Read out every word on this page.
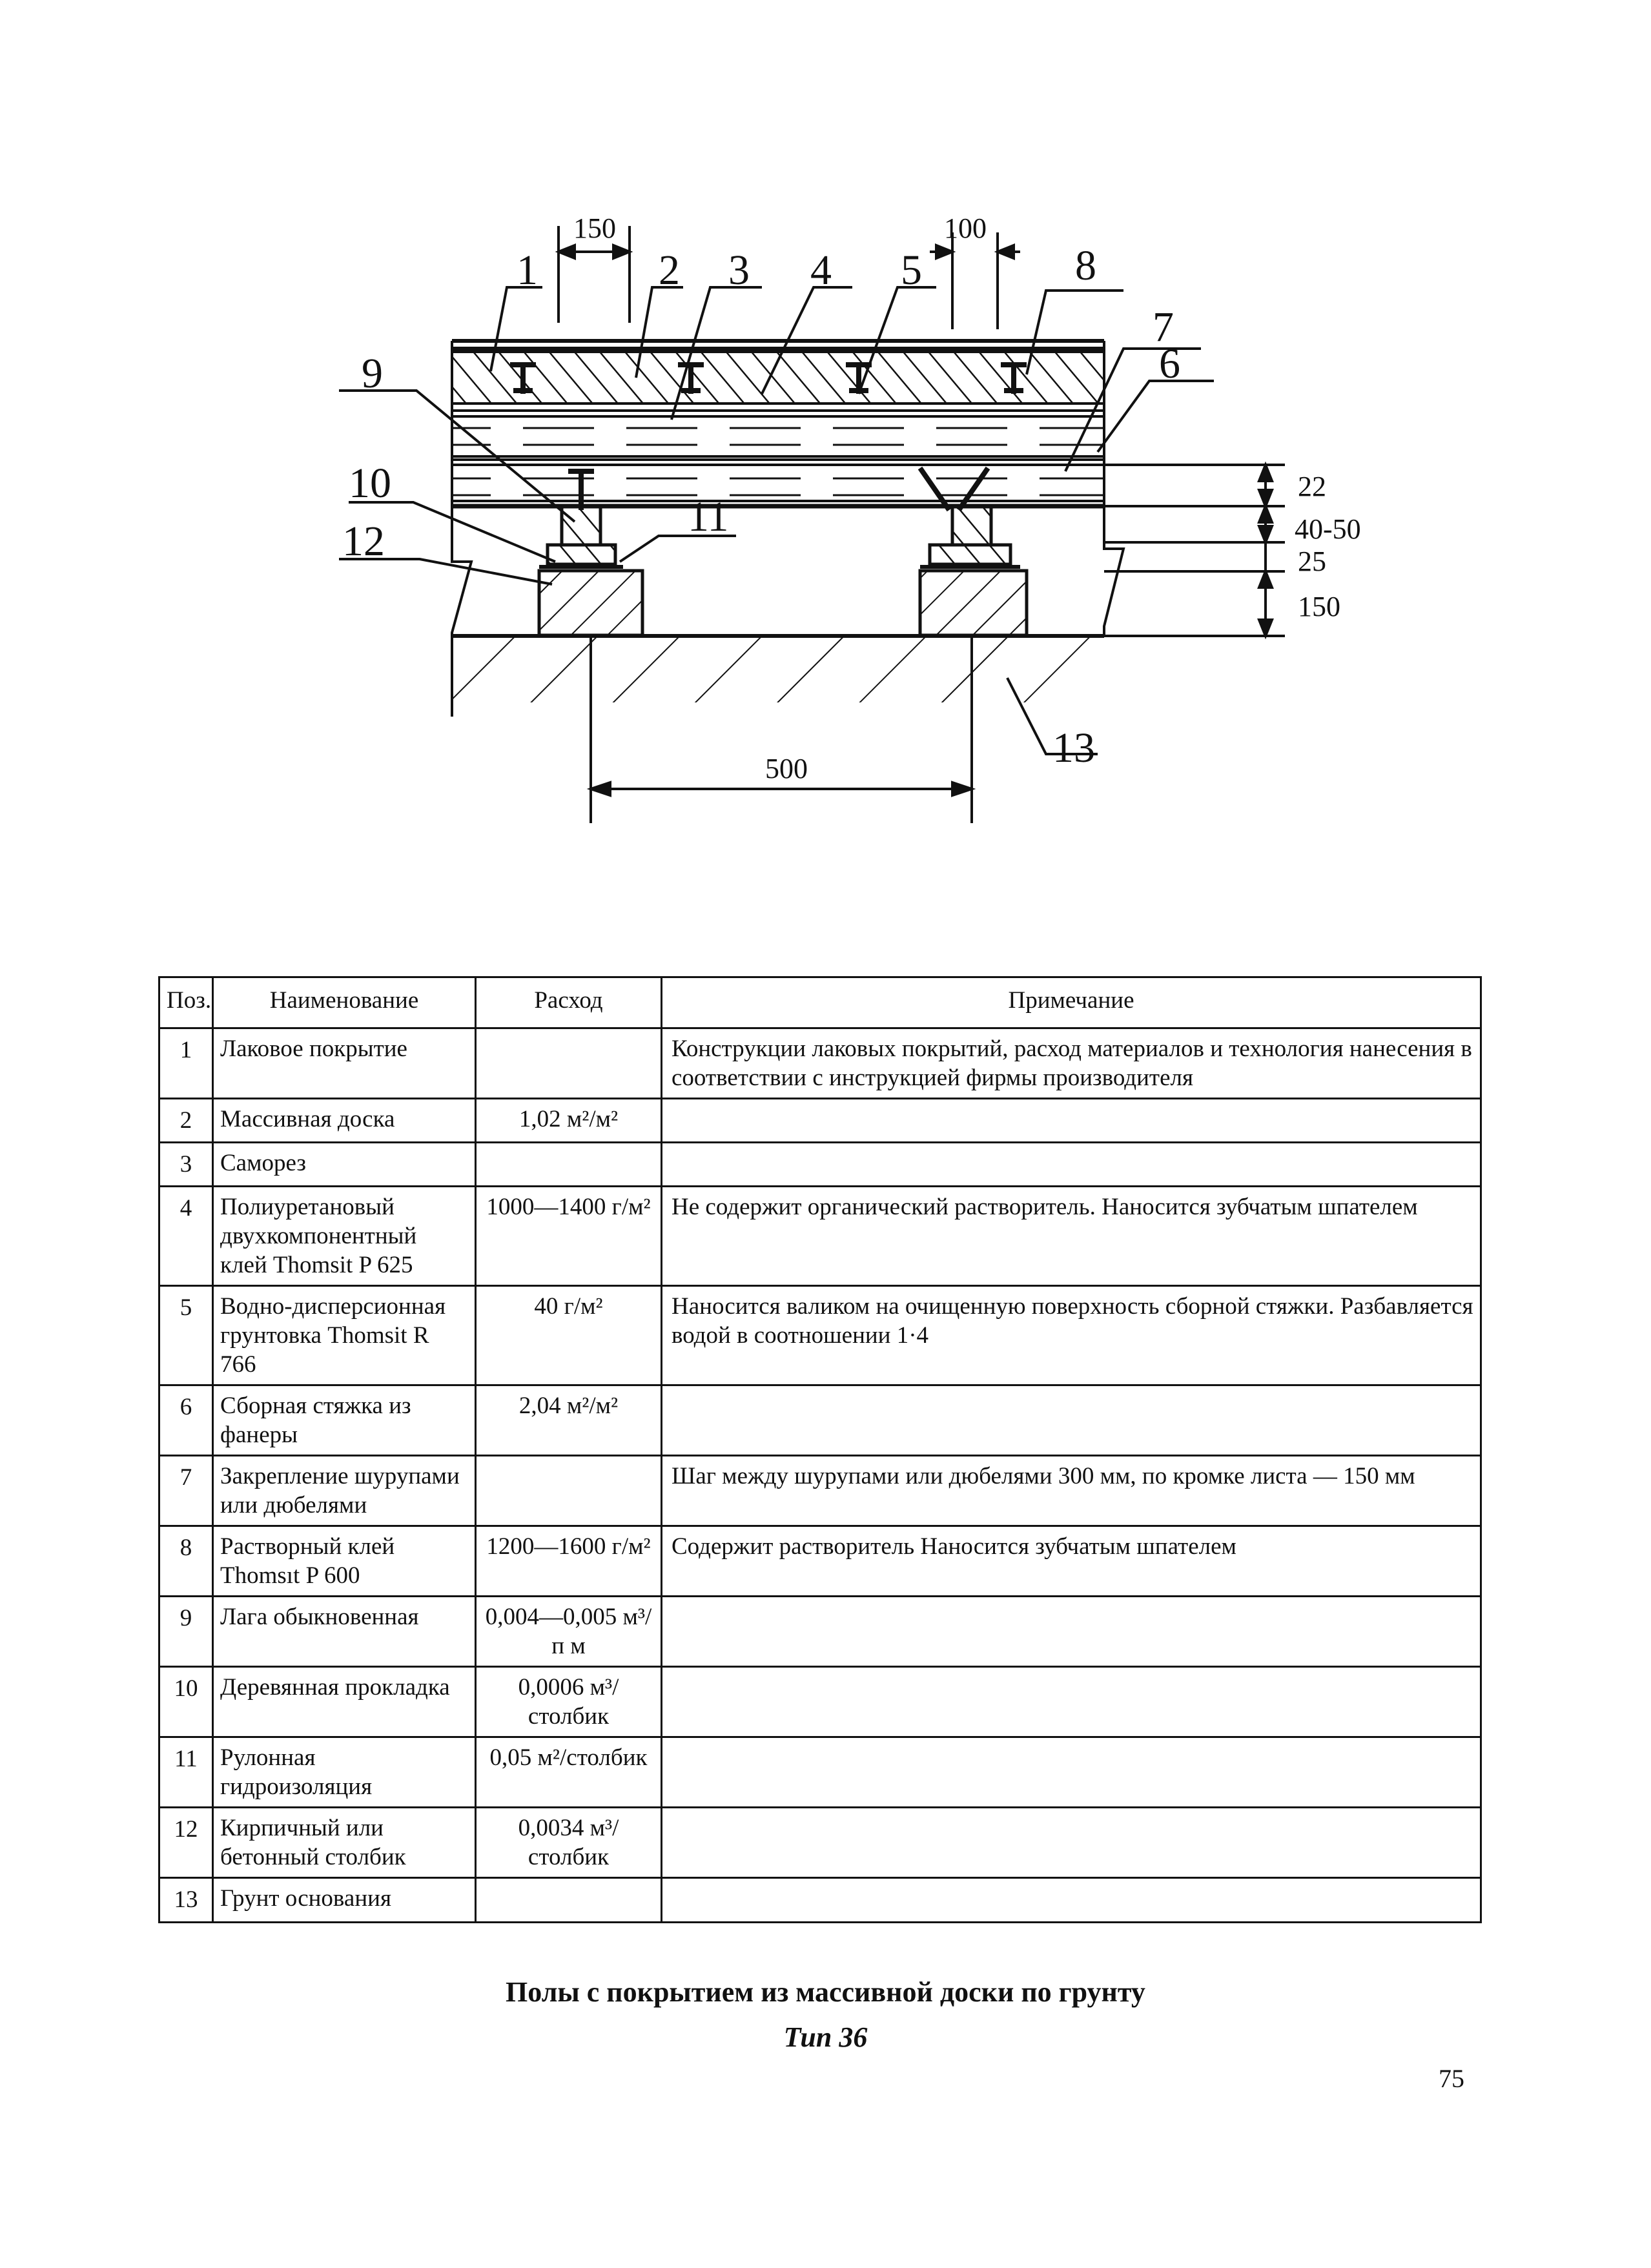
150	100
22
40-50
25
150
500
1	2 3 4 5	8
7
6
9
10
11
12
13
Поз.	Наименование	Расход	Примечание
1	Лаковое покрытие		Конструкции лаковых покрытий, расход материалов и технология нанесения в соответствии с инструкцией фирмы производителя
2	Массивная доска	1,02 м²/м²	
3	Саморез		
4	Полиуретановый двухкомпонентный клей Thomsit P 625	1000—1400 г/м²	Не содержит органический растворитель. Наносится зубчатым шпателем
5	Водно-дисперсионная грунтовка Thomsit R 766	40 г/м²	Наносится валиком на очищенную поверхность сборной стяжки. Разбавляется водой в соотношении 1·4
6	Сборная стяжка из фанеры	2,04 м²/м²	
7	Закрепление шурупами или дюбелями		Шаг между шурупами или дюбелями 300 мм, по кромке листа — 150 мм
8	Растворный клей Thomsıt P 600	1200—1600 г/м²	Содержит растворитель Наносится зубчатым шпателем
9	Лага обыкновенная	0,004—0,005 м³/п м	
10	Деревянная прокладка	0,0006 м³/столбик	
11	Рулонная гидроизоляция	0,05 м²/столбик	
12	Кирпичный или бетонный столбик	0,0034 м³/столбик	
13	Грунт основания		

Полы с покрытием из массивной доски по грунту

Тип 36

75
